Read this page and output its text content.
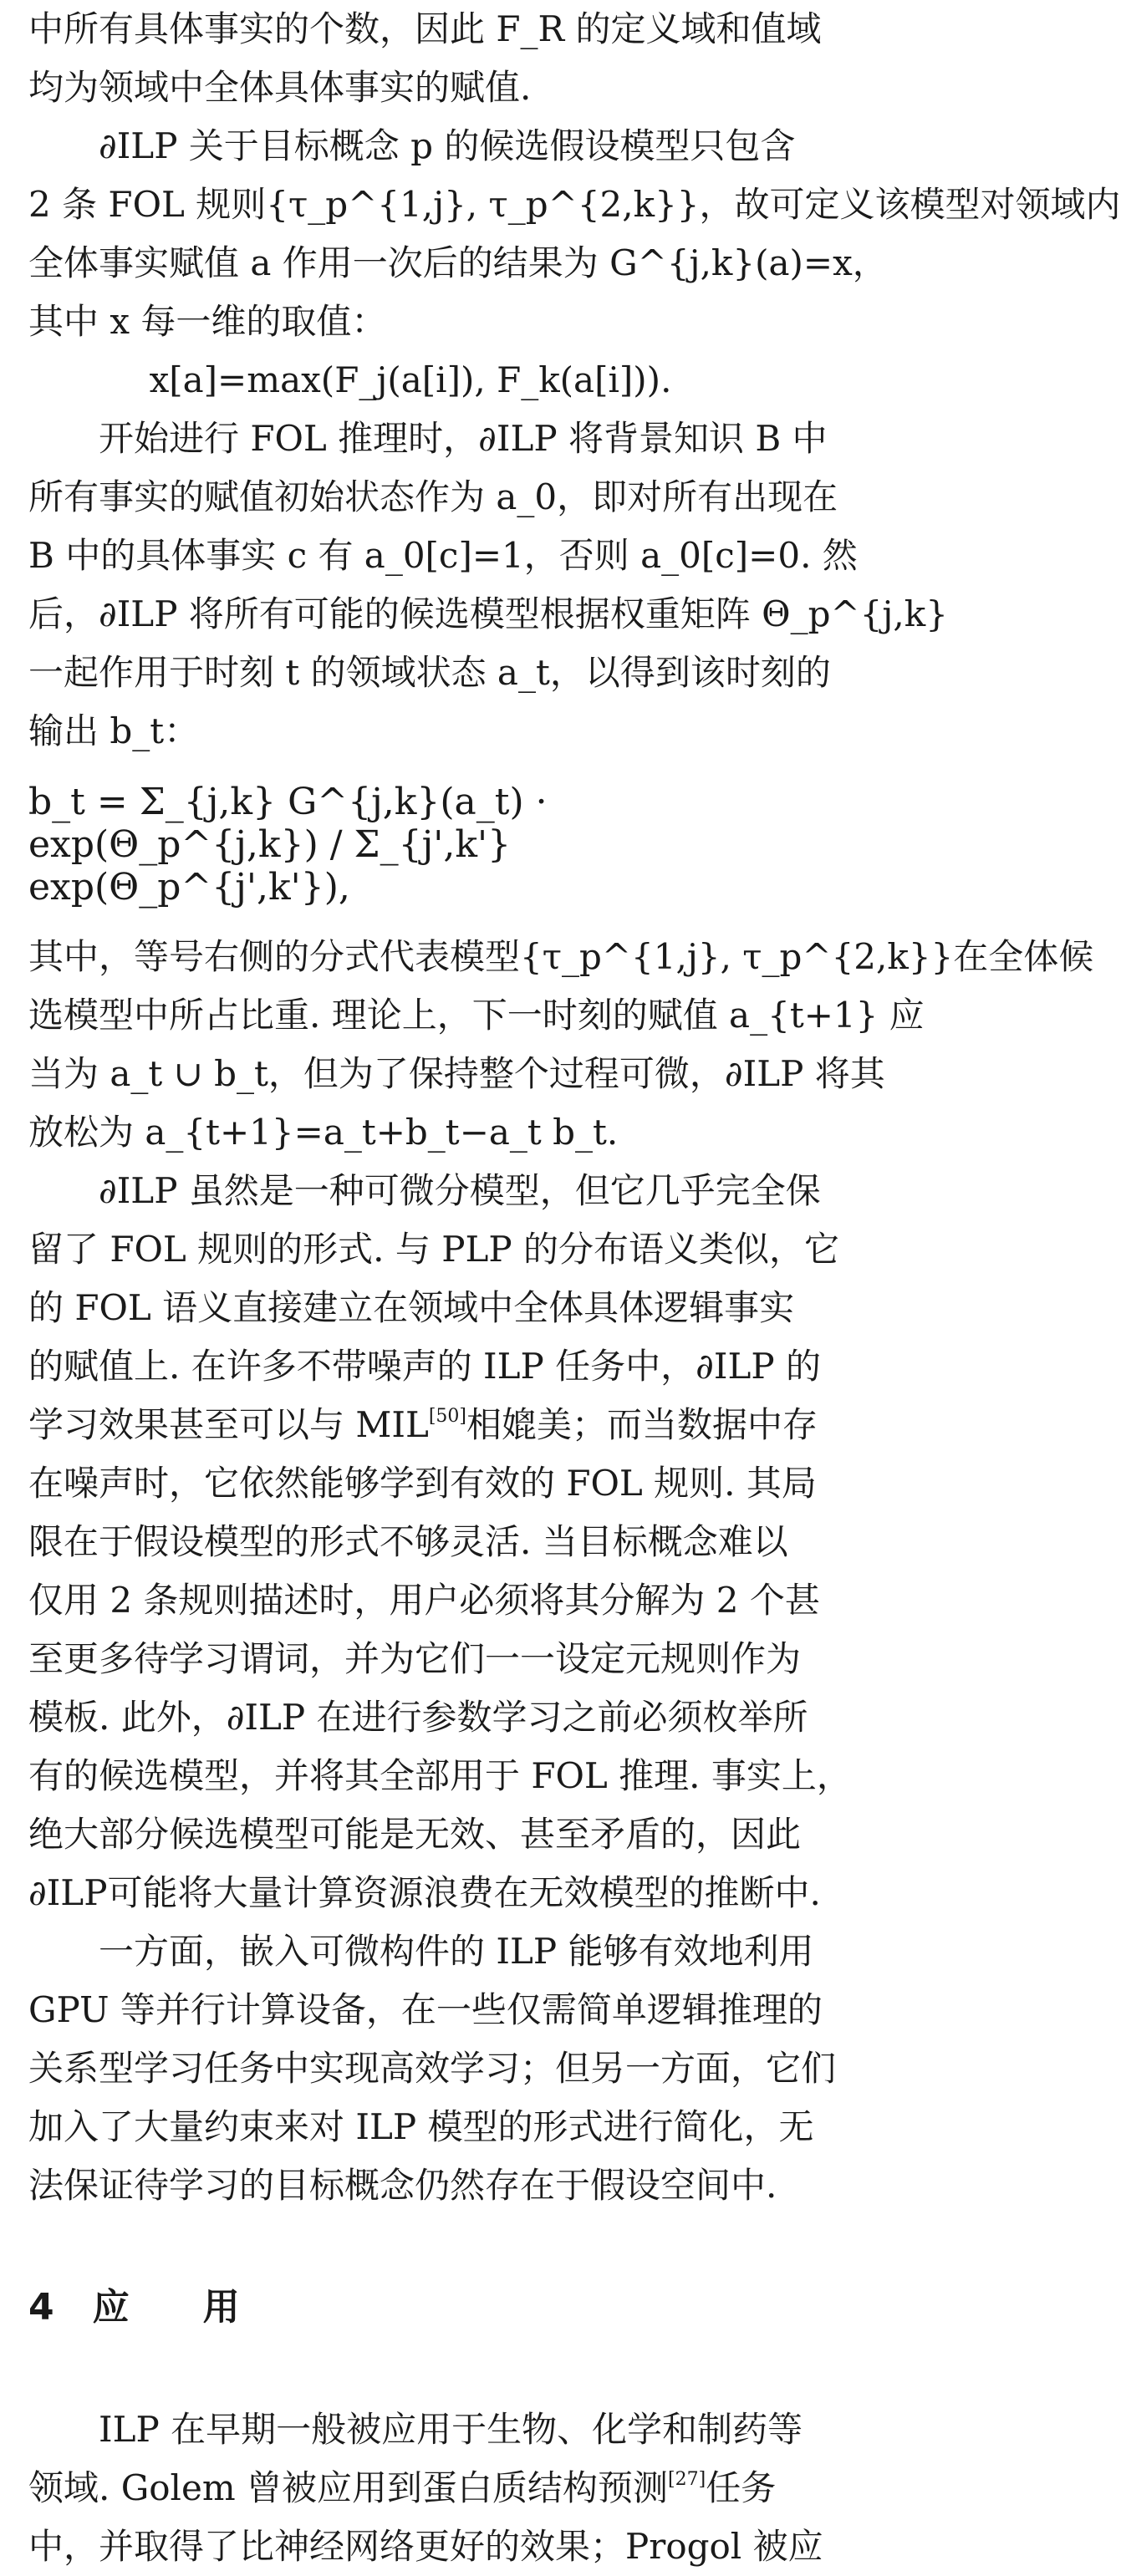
中所有具体事实的个数，因此 F_R 的定义域和值域
均为领域中全体具体事实的赋值.
∂ILP 关于目标概念 p 的候选假设模型只包含
2 条 FOL 规则{τ_p^{1,j}, τ_p^{2,k}}，故可定义该模型对领域内
全体事实赋值 a 作用一次后的结果为 G^{j,k}(a)=x，
其中 x 每一维的取值：
x[a]=max(F_j(a[i]), F_k(a[i])).
开始进行 FOL 推理时，∂ILP 将背景知识 B 中
所有事实的赋值初始状态作为 a_0，即对所有出现在
B 中的具体事实 c 有 a_0[c]=1，否则 a_0[c]=0. 然
后，∂ILP 将所有可能的候选模型根据权重矩阵 Θ_p^{j,k}
一起作用于时刻 t 的领域状态 a_t，以得到该时刻的
输出 b_t：
b_t = Σ_{j,k} G^{j,k}(a_t) · exp(Θ_p^{j,k}) / Σ_{j',k'} exp(Θ_p^{j',k'}),
其中，等号右侧的分式代表模型{τ_p^{1,j}, τ_p^{2,k}}在全体候
选模型中所占比重. 理论上，下一时刻的赋值 a_{t+1} 应
当为 a_t ∪ b_t，但为了保持整个过程可微，∂ILP 将其
放松为 a_{t+1}=a_t+b_t−a_t b_t.
∂ILP 虽然是一种可微分模型，但它几乎完全保
留了 FOL 规则的形式. 与 PLP 的分布语义类似，它
的 FOL 语义直接建立在领域中全体具体逻辑事实
的赋值上. 在许多不带噪声的 ILP 任务中，∂ILP 的
学习效果甚至可以与 MIL[50]相媲美；而当数据中存
在噪声时，它依然能够学到有效的 FOL 规则. 其局
限在于假设模型的形式不够灵活. 当目标概念难以
仅用 2 条规则描述时，用户必须将其分解为 2 个甚
至更多待学习谓词，并为它们一一设定元规则作为
模板. 此外，∂ILP 在进行参数学习之前必须枚举所
有的候选模型，并将其全部用于 FOL 推理. 事实上，
绝大部分候选模型可能是无效、甚至矛盾的，因此
∂ILP可能将大量计算资源浪费在无效模型的推断中.
一方面，嵌入可微构件的 ILP 能够有效地利用
GPU 等并行计算设备，在一些仅需简单逻辑推理的
关系型学习任务中实现高效学习；但另一方面，它们
加入了大量约束来对 ILP 模型的形式进行简化，无
法保证待学习的目标概念仍然存在于假设空间中.
4 应　　用
ILP 在早期一般被应用于生物、化学和制药等
领域. Golem 曾被应用到蛋白质结构预测[27]任务
中，并取得了比神经网络更好的效果；Progol 被应
